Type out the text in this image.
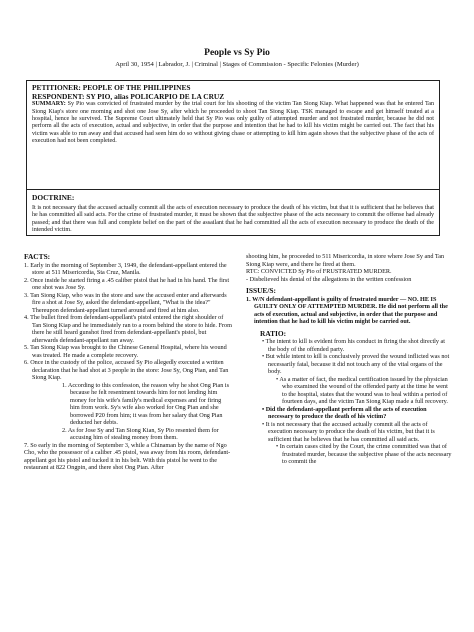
People vs Sy Pio
April 30, 1954 | Labrador, J. | Criminal | Stages of Commission - Specific Felonies (Murder)
PETITIONER: PEOPLE OF THE PHILIPPINES
RESPONDENT: SY PIO, alias POLICARPIO DE LA CRUZ

SUMMARY: Sy Pio was convicted of frustrated murder by the trial court for his shooting of the victim Tan Siong Kiap. What happened was that he entered Tan Siong Kiap's store one morning and shot one Jose Sy, after which he proceeded to shoot Tan Siong Kiap. TSK managed to escape and get himself treated at a hospital, hence he survived. The Supreme Court ultimately held that Sy Pio was only guilty of attempted murder and not frustrated murder, because he did not perform all the acts of execution, actual and subjective, in order that the purpose and intention that he had to kill his victim might be carried out. The fact that his victim was able to run away and that accused had seen him do so without giving chase or attempting to kill him again shows that the subjective phase of the acts of execution had not been completed.

DOCTRINE:

It is not necessary that the accused actually commit all the acts of execution necessary to produce the death of his victim, but that it is sufficient that he believes that he has committed all said acts. For the crime of frustrated murder, it must be shown that the subjective phase of the acts necessary to commit the offense had already passed; and that there was full and complete belief on the part of the assailant that he had committed all the acts of execution necessary to produce the death of the intended victim.

FACTS:

1. Early in the morning of September 3, 1949, the defendant-appellant entered the store at 511 Misericordia, Sta Cruz, Manila.

2. Once inside he started firing a .45 caliber pistol that he had in his hand. The first one shot was Jose Sy.

3. Tan Siong Kiap, who was in the store and saw the accused enter and afterwards fire a shot at Jose Sy, asked the defendant-appellant, "What is the idea?" Thereupon defendant-appellant turned around and fired at him also.

4. The bullet fired from defendant-appellant's pistol entered the right shoulder of Tan Siong Kiap and he immediately ran to a room behind the store to hide. From there he still heard gunshot fired from defendant-appellant's pistol, but afterwards defendant-appellant ran away.

5. Tan Siong Kiap was brought to the Chinese General Hospital, where his wound was treated. He made a complete recovery.

6. Once in the custody of the police, accused Sy Pio allegedly executed a written declaration that he had shot at 3 people in the store: Jose Sy, Ong Pian, and Tan Siong Kiap.

1. According to this confession, the reason why he shot Ong Pian is because he felt resentment towards him for not lending him money for his wife's family's medical expenses and for firing him from work. Sy's wife also worked for Ong Pian and she borrowed P20 from him; it was from her salary that Ong Pian deducted her debts.

2. As for Jose Sy and Tan Siong Kian, Sy Pio resented them for accusing him of stealing money from them.

7. So early in the morning of September 3, while a Chinaman by the name of Ngo Cho, who the possessor of a caliber .45 pistol, was away from his room, defendant-appellant got his pistol and tucked it in his belt. With this pistol he went to the restaurant at 822 Ongpin, and there shot Ong Pian. After

shooting him, he proceeded to 511 Misericordia, in store where Jose Sy and Tan Siong Kiap were, and there he fired at them.

RTC: CONVICTED Sy Pio of FRUSTRATED MURDER.

- Disbelieved his denial of the allegations in the written confession

ISSUE/S:

1. W/N defendant-appellant is guilty of frustrated murder — NO. HE IS GUILTY ONLY OF ATTEMPTED MURDER. He did not perform all the acts of execution, actual and subjective, in order that the purpose and intention that he had to kill his victim might be carried out.

RATIO:

• The intent to kill is evident from his conduct in firing the shot directly at the body of the offended party.

• But while intent to kill is conclusively proved the wound inflicted was not necessarily fatal, because it did not touch any of the vital organs of the body.

• As a matter of fact, the medical certification issued by the physician who examined the wound of the offended party at the time he went to the hospital, states that the wound was to heal within a period of fourteen days, and the victim Tan Siong Kiap made a full recovery.

• Did the defendant-appellant perform all the acts of execution necessary to produce the death of his victim?

• It is not necessary that the accused actually commit all the acts of execution necessary to produce the death of his victim, but that it is sufficient that he believes that he has committed all said acts.

• In certain cases cited by the Court, the crime committed was that of frustrated murder, because the subjective phase of the acts necessary to commit the
